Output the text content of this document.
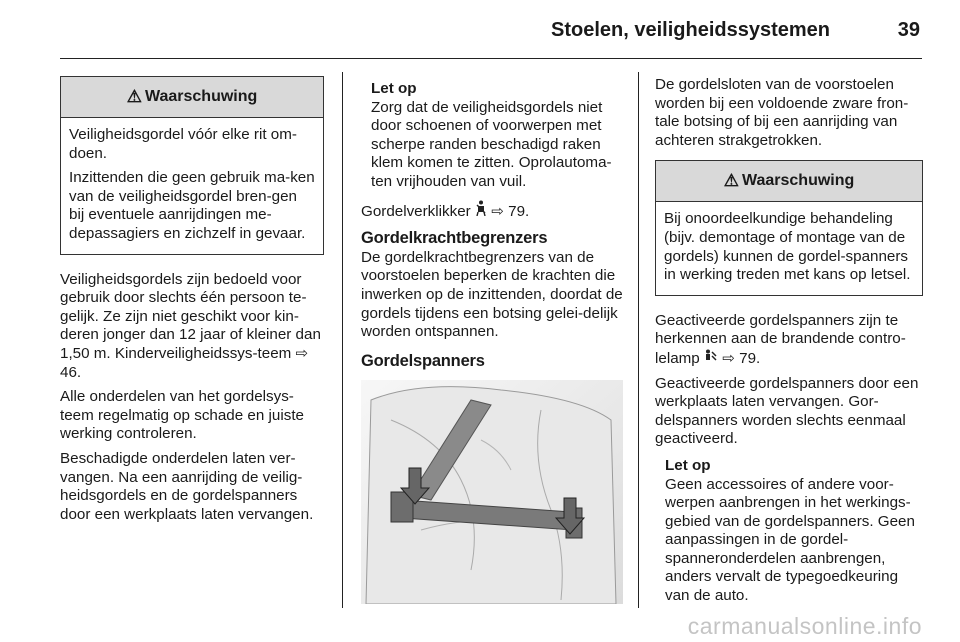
Stoelen, veiligheidssystemen	39
⚠ Waarschuwing

Veiligheidsgordel vóór elke rit om-doen.

Inzittenden die geen gebruik ma-ken van de veiligheidsgordel bren-gen bij eventuele aanrijdingen me-depassagiers en zichzelf in gevaar.

Veiligheidsgordels zijn bedoeld voor gebruik door slechts één persoon te-gelijk. Ze zijn niet geschikt voor kin-deren jonger dan 12 jaar of kleiner dan 1,50 m. Kinderveiligheidssys-teem ⇨ 46.

Alle onderdelen van het gordelsys-teem regelmatig op schade en juiste werking controleren.

Beschadigde onderdelen laten ver-vangen. Na een aanrijding de veilig-heidsgordels en de gordelspanners door een werkplaats laten vervangen.

Let op

Zorg dat de veiligheidsgordels niet door schoenen of voorwerpen met scherpe randen beschadigd raken klem komen te zitten. Oprolautoma-ten vrijhouden van vuil.

Gordelverklikker ⇨ 79.

Gordelkrachtbegrenzers

De gordelkrachtbegrenzers van de voorstoelen beperken de krachten die inwerken op de inzittenden, doordat de gordels tijdens een botsing gelei-delijk worden ontspannen.

Gordelspanners

De gordelsloten van de voorstoelen worden bij een voldoende zware fron-tale botsing of bij een aanrijding van achteren strakgetrokken.

⚠ Waarschuwing

Bij onoordeelkundige behandeling (bijv. demontage of montage van de gordels) kunnen de gordel-spanners in werking treden met kans op letsel.

Geactiveerde gordelspanners zijn te herkennen aan de brandende contro-lelamp ⇨ 79.

Geactiveerde gordelspanners door een werkplaats laten vervangen. Gor-delspanners worden slechts eenmaal geactiveerd.

Let op

Geen accessoires of andere voor-werpen aanbrengen in het werkings-gebied van de gordelspanners. Geen aanpassingen in de gordel-spanneronderdelen aanbrengen, anders vervalt de typegoedkeuring van de auto.

carmanualsonline.info
